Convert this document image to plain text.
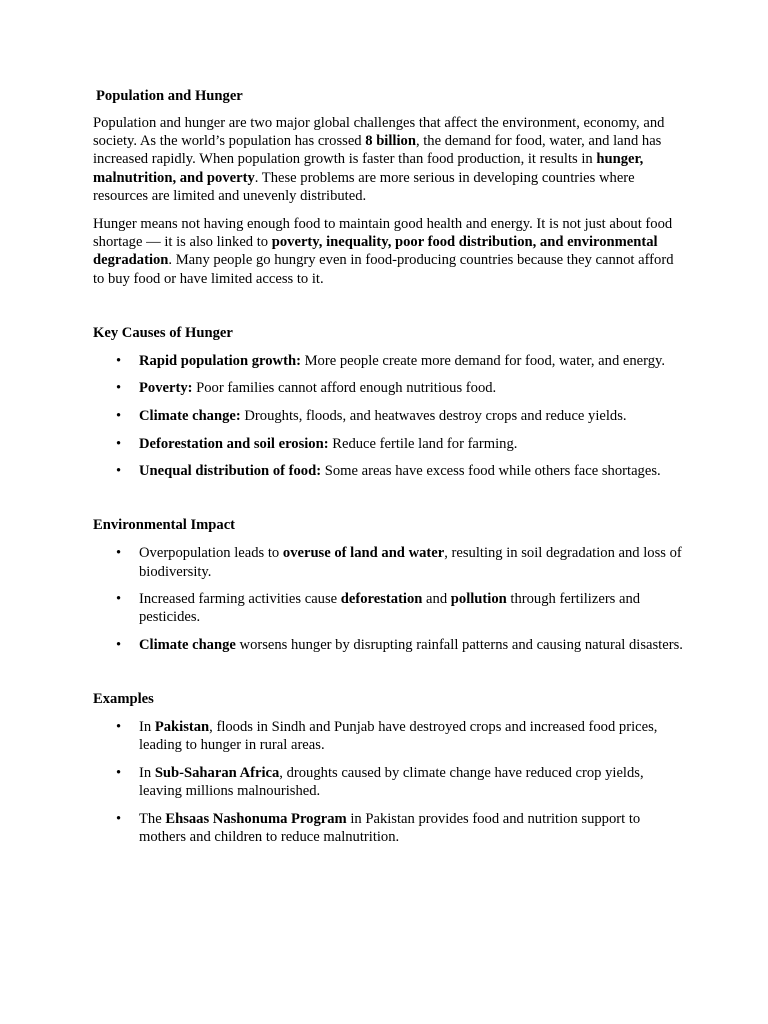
Population and Hunger

Population and hunger are two major global challenges that affect the environment, economy, and society. As the world’s population has crossed 8 billion, the demand for food, water, and land has increased rapidly. When population growth is faster than food production, it results in hunger, malnutrition, and poverty. These problems are more serious in developing countries where resources are limited and unevenly distributed.

Hunger means not having enough food to maintain good health and energy. It is not just about food shortage — it is also linked to poverty, inequality, poor food distribution, and environmental degradation. Many people go hungry even in food-producing countries because they cannot afford to buy food or have limited access to it.

Key Causes of Hunger
• Rapid population growth: More people create more demand for food, water, and energy.
• Poverty: Poor families cannot afford enough nutritious food.
• Climate change: Droughts, floods, and heatwaves destroy crops and reduce yields.
• Deforestation and soil erosion: Reduce fertile land for farming.
• Unequal distribution of food: Some areas have excess food while others face shortages.
Environmental Impact
• Overpopulation leads to overuse of land and water, resulting in soil degradation and loss of biodiversity.
• Increased farming activities cause deforestation and pollution through fertilizers and pesticides.
• Climate change worsens hunger by disrupting rainfall patterns and causing natural disasters.
Examples
• In Pakistan, floods in Sindh and Punjab have destroyed crops and increased food prices, leading to hunger in rural areas.
• In Sub-Saharan Africa, droughts caused by climate change have reduced crop yields, leaving millions malnourished.
• The Ehsaas Nashonuma Program in Pakistan provides food and nutrition support to mothers and children to reduce malnutrition.
